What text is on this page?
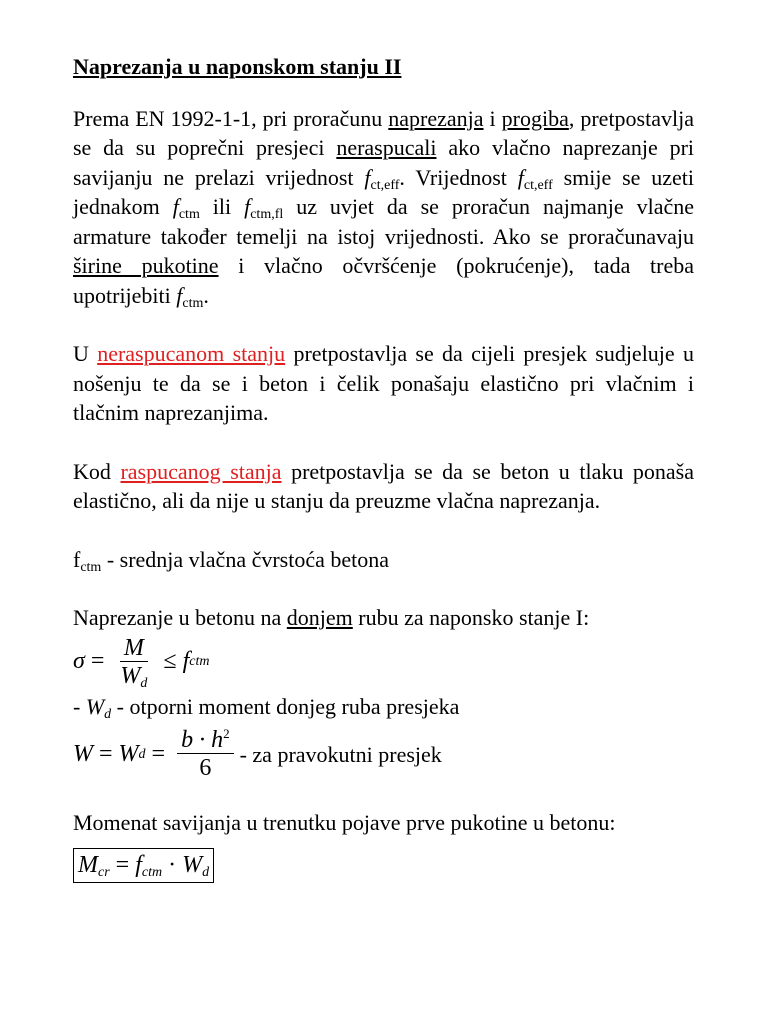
Naprezanja u naponskom stanju II

Prema EN 1992-1-1, pri proračunu naprezanja i progiba, pretpostavlja se da su poprečni presjeci neraspucali ako vlačno naprezanje pri savijanju ne prelazi vrijednost $f_{ct,eff}$. Vrijednost $f_{ct,eff}$ smije se uzeti jednakom $f_{ctm}$ ili $f_{ctm,fl}$ uz uvjet da se proračun najmanje vlačne armature također temelji na istoj vrijednosti. Ako se proračunavaju širine pukotine i vlačno očvršćenje (pokrućenje), tada treba upotrijebiti $f_{ctm}$.

U neraspucanom stanju pretpostavlja se da cijeli presjek sudjeluje u nošenju te da se i beton i čelik ponašaju elastično pri vlačnim i tlačnim naprezanjima.

Kod raspucanog stanja pretpostavlja se da se beton u tlaku ponaša elastično, ali da nije u stanju da preuzme vlačna naprezanja.

$f_{ctm}$ - srednja vlačna čvrstoća betona

Naprezanje u betonu na donjem rubu za naponsko stanje I:

$\sigma = \frac{M}{W_d} \le f$ ctm

- $W_d$ - otporni moment donjeg ruba presjeka

W = W $d = \frac{b \cdot h^2}{6}$ - za pravokutni presjek

Momenat savijanja u trenutku pojave prve pukotine u betonu:

$M_{cr} = f_{ctm} \cdot W_d$
